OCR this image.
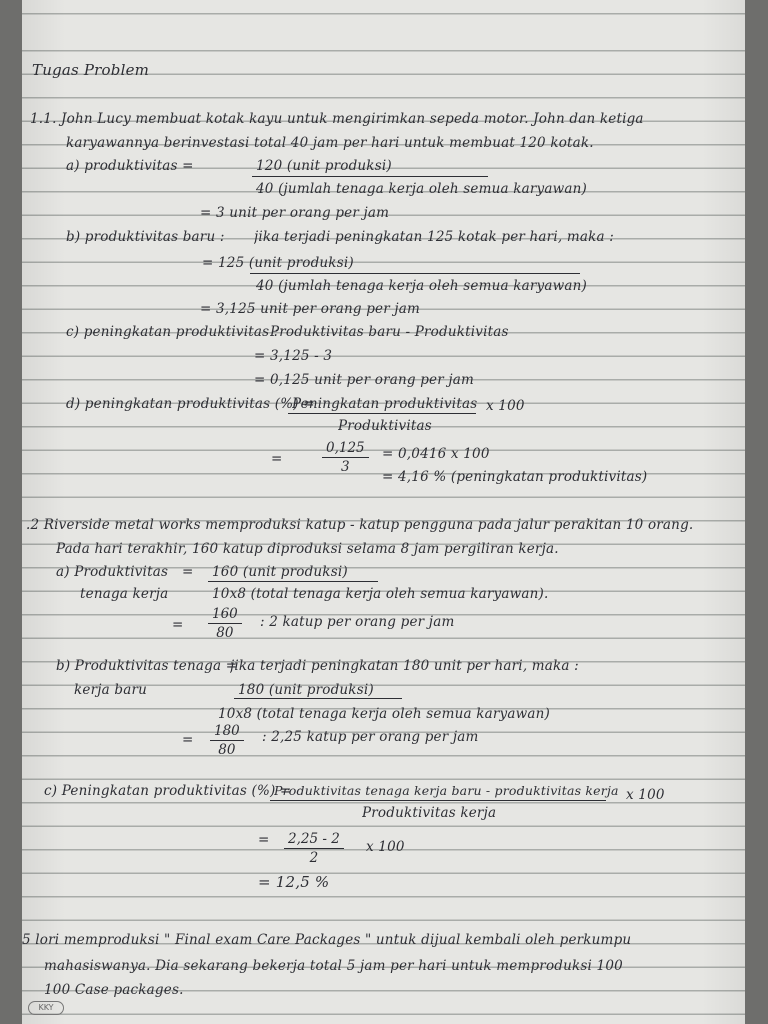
Tugas Problem
1.1. John Lucy membuat kotak kayu untuk mengirimkan sepeda motor. John dan ketiga
karyawannya berinvestasi total 40 jam per hari untuk membuat 120 kotak.
a) produktivitas =	120 (unit produksi)
40 (jumlah tenaga kerja oleh semua karyawan)
= 3 unit per orang per jam
b) produktivitas baru :	jika terjadi peningkatan 125 kotak per hari, maka :
= 125 (unit produksi)
40 (jumlah tenaga kerja oleh semua karyawan)
= 3,125 unit per orang per jam
c) peningkatan produktivitas :
Produktivitas baru - Produktivitas
= 3,125 - 3
= 0,125 unit per orang per jam
d) peningkatan produktivitas (%) =
Peningkatan produktivitas x 100
Produktivitas
=	$\frac{0,125}{3} = 0,0416$ x 100
= 4,16 % (peningkatan produktivitas)
.2 Riverside metal works memproduksi katup - katup pengguna pada jalur perakitan 10 orang.
Pada hari terakhir, 160 katup diproduksi selama 8 jam pergiliran kerja.
a) Produktivitas	=	160 (unit produksi)
tenaga kerja	10x8 (total tenaga kerja oleh semua karyawan).
=	$\frac{160}{80}$ : 2 katup per orang per jam
b) Produktivitas tenaga =
jika terjadi peningkatan 180 unit per hari, maka :
kerja baru	180 (unit produksi)
10x8 (total tenaga kerja oleh semua karyawan)
=	$\frac{180}{80}$ : 2,25 katup per orang per jam
c) Peningkatan produktivitas (%) =
Produktivitas tenaga kerja baru - produktivitas kerja x 100
Produktivitas kerja
=	$\frac{2,25 - 2}{2}$ x 100
= 12,5 %
5 lori memproduksi " Final exam Care Packages " untuk dijual kembali oleh perkumpu
mahasiswanya. Dia sekarang bekerja total 5 jam per hari untuk memproduksi 100
100 Case packages.
KKY
